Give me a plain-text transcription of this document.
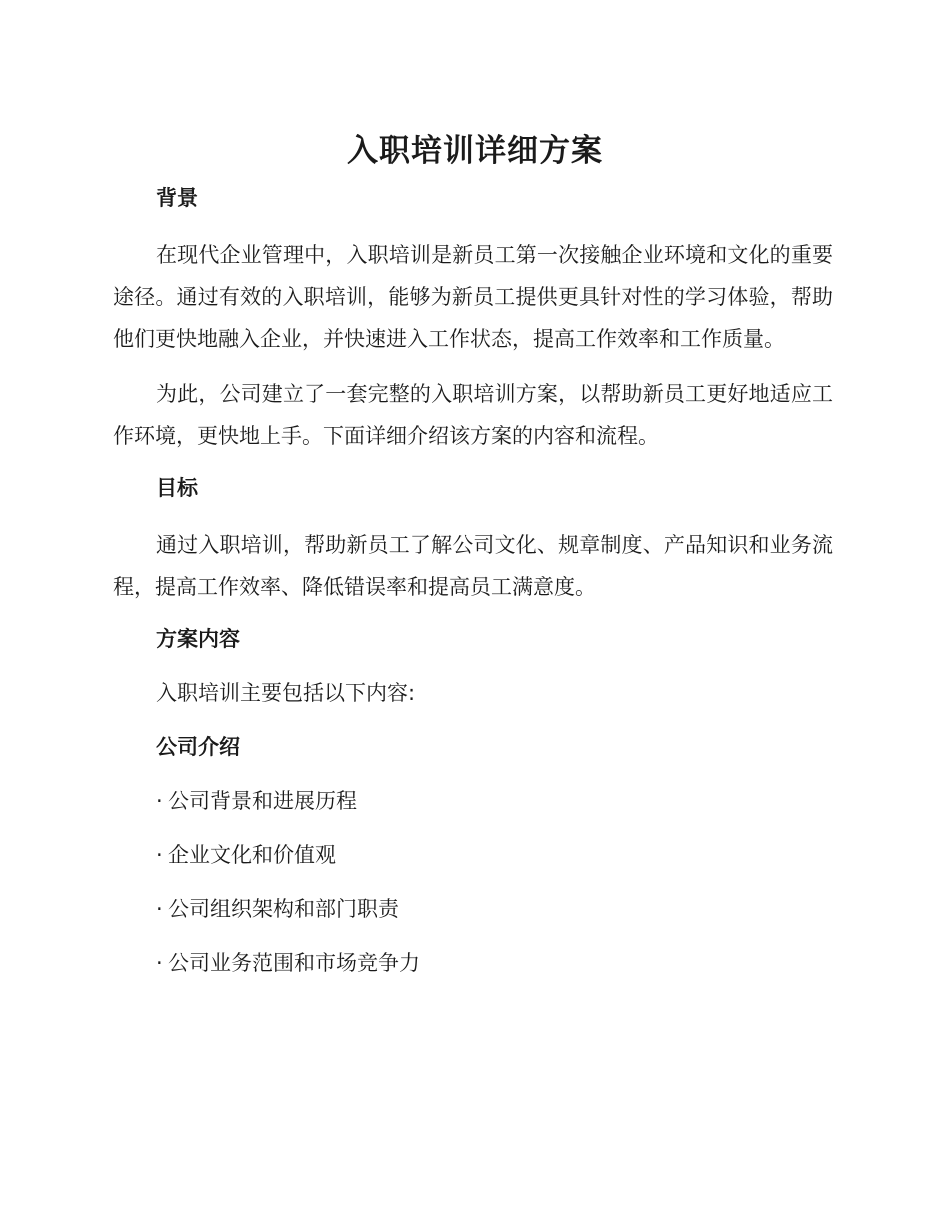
入职培训详细方案
背景

在现代企业管理中，入职培训是新员工第一次接触企业环境和文化的重要途径。通过有效的入职培训，能够为新员工提供更具针对性的学习体验，帮助他们更快地融入企业，并快速进入工作状态，提高工作效率和工作质量。

为此，公司建立了一套完整的入职培训方案，以帮助新员工更好地适应工作环境，更快地上手。下面详细介绍该方案的内容和流程。

目标

通过入职培训，帮助新员工了解公司文化、规章制度、产品知识和业务流程，提高工作效率、降低错误率和提高员工满意度。

方案内容

入职培训主要包括以下内容:

公司介绍

· 公司背景和进展历程

· 企业文化和价值观

· 公司组织架构和部门职责

· 公司业务范围和市场竞争力
